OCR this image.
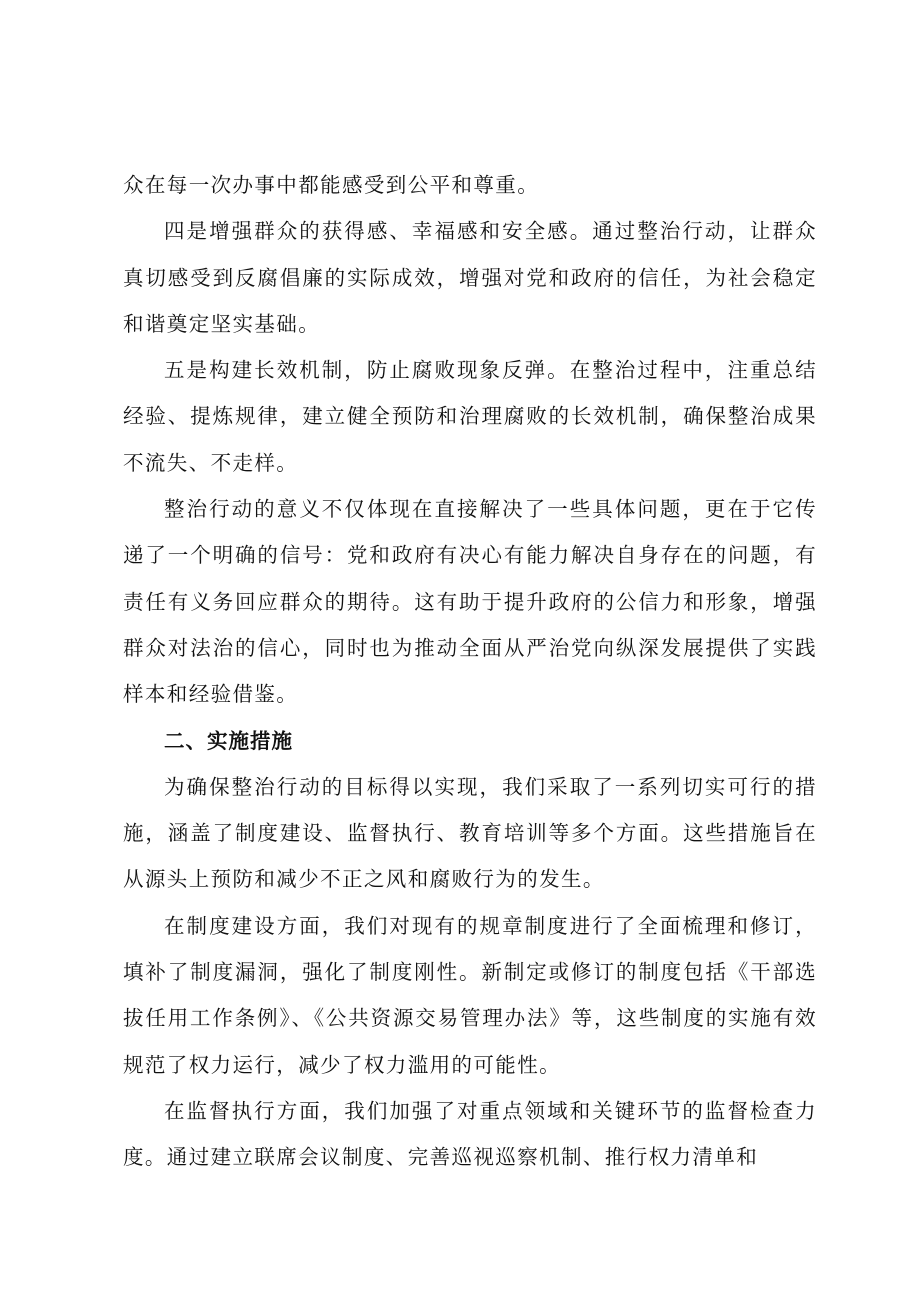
众在每一次办事中都能感受到公平和尊重。

四是增强群众的获得感、幸福感和安全感。通过整治行动，让群众真切感受到反腐倡廉的实际成效，增强对党和政府的信任，为社会稳定和谐奠定坚实基础。

五是构建长效机制，防止腐败现象反弹。在整治过程中，注重总结经验、提炼规律，建立健全预防和治理腐败的长效机制，确保整治成果不流失、不走样。

整治行动的意义不仅体现在直接解决了一些具体问题，更在于它传递了一个明确的信号：党和政府有决心有能力解决自身存在的问题，有责任有义务回应群众的期待。这有助于提升政府的公信力和形象，增强群众对法治的信心，同时也为推动全面从严治党向纵深发展提供了实践样本和经验借鉴。

二、实施措施

为确保整治行动的目标得以实现，我们采取了一系列切实可行的措施，涵盖了制度建设、监督执行、教育培训等多个方面。这些措施旨在从源头上预防和减少不正之风和腐败行为的发生。

在制度建设方面，我们对现有的规章制度进行了全面梳理和修订，填补了制度漏洞，强化了制度刚性。新制定或修订的制度包括《干部选拔任用工作条例》、《公共资源交易管理办法》等，这些制度的实施有效规范了权力运行，减少了权力滥用的可能性。

在监督执行方面，我们加强了对重点领域和关键环节的监督检查力度。通过建立联席会议制度、完善巡视巡察机制、推行权力清单和
